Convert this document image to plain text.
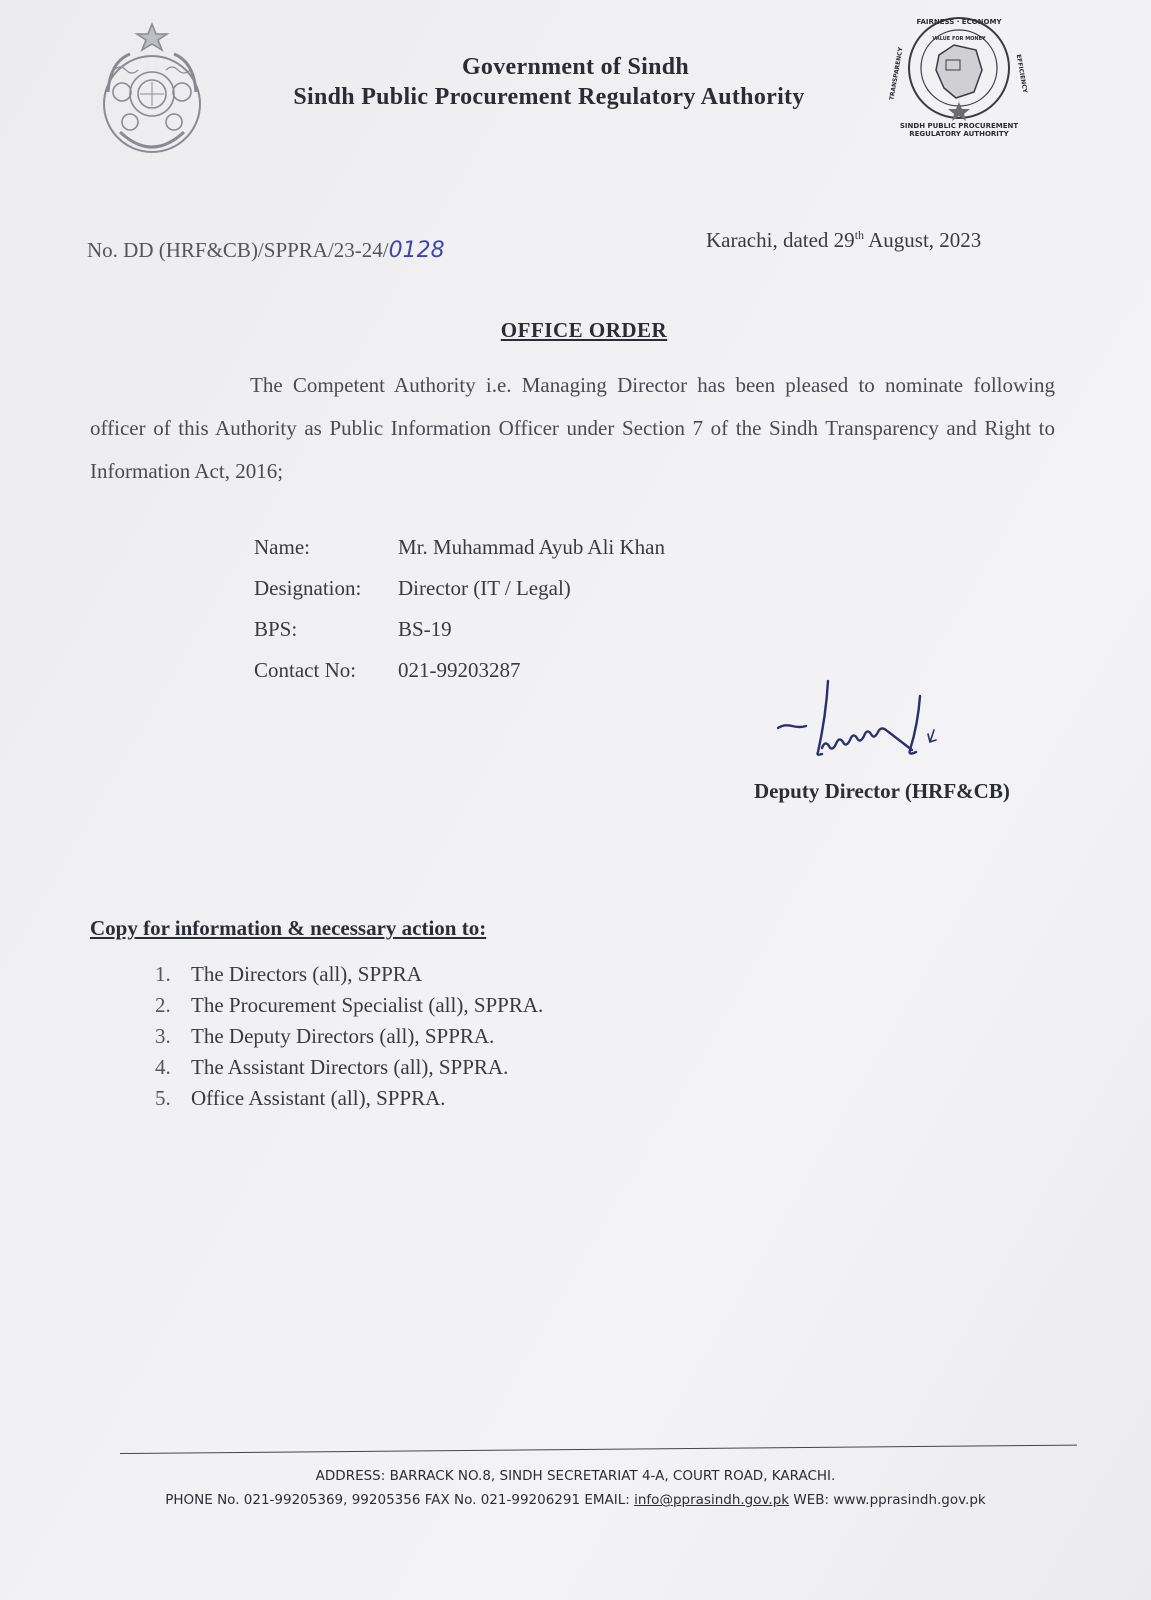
Government of Sindh
Sindh Public Procurement Regulatory Authority
FAIRNESS · ECONOMY
TRANSPARENCY	EFFICIENCY
VALUE FOR MONEY
SINDH PUBLIC PROCUREMENT
REGULATORY AUTHORITY
No. DD (HRF&CB)/SPPRA/23-24/0128	Karachi, dated 29th August, 2023
OFFICE ORDER
The Competent Authority i.e. Managing Director has been pleased to nominate following officer of this Authority as Public Information Officer under Section 7 of the Sindh Transparency and Right to Information Act, 2016;
Name:	Mr. Muhammad Ayub Ali Khan
Designation:	Director (IT / Legal)
BPS:	BS-19
Contact No:	021-99203287
Deputy Director (HRF&CB)
Copy for information & necessary action to:
1. The Directors (all), SPPRA
2. The Procurement Specialist (all), SPPRA.
3. The Deputy Directors (all), SPPRA.
4. The Assistant Directors (all), SPPRA.
5. Office Assistant (all), SPPRA.
ADDRESS: BARRACK NO.8, SINDH SECRETARIAT 4-A, COURT ROAD, KARACHI.
PHONE No. 021-99205369, 99205356 FAX No. 021-99206291 EMAIL: info@pprasindh.gov.pk WEB: www.pprasindh.gov.pk
